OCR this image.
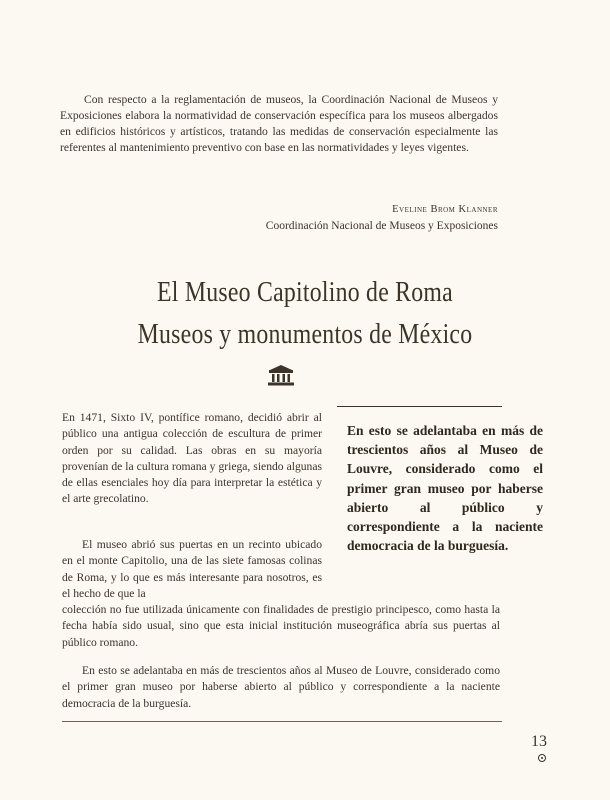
Con respecto a la reglamentación de museos, la Coordinación Nacional de Museos y Exposiciones elabora la normatividad de conservación específica para los museos albergados en edificios históricos y artísticos, tratando las medidas de conservación especialmente las referentes al mantenimiento preventivo con base en las normatividades y leyes vigentes.

Eveline Brom Klanner
Coordinación Nacional de Museos y Exposiciones
El Museo Capitolino de Roma
Museos y monumentos de México

En 1471, Sixto IV, pontífice romano, decidió abrir al público una antigua colección de escultura de primer orden por su calidad. Las obras en su mayoría provenían de la cultura romana y griega, siendo algunas de ellas esenciales hoy día para interpretar la estética y el arte grecolatino.

El museo abrió sus puertas en un recinto ubicado en el monte Capitolio, una de las siete famosas colinas de Roma, y lo que es más interesante para nosotros, es el hecho de que la

colección no fue utilizada únicamente con finalidades de prestigio principesco, como hasta la fecha había sido usual, sino que esta inicial institución museográfica abría sus puertas al público romano.

En esto se adelantaba en más de trescientos años al Museo de Louvre, considerado como el primer gran museo por haberse abierto al público y correspondiente a la naciente democracia de la burguesía.

En esto se adelantaba en más de trescientos años al Museo de Louvre, considerado como el primer gran museo por haberse abierto al público y correspondiente a la naciente democracia de la burguesía.

13
